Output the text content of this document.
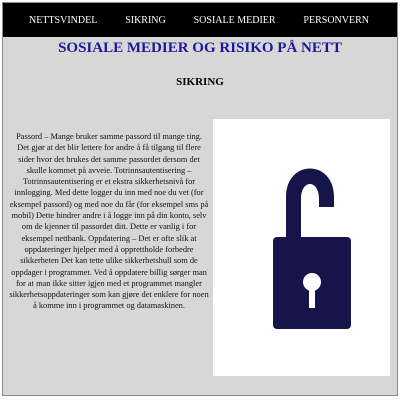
NETTSVINDEL	SIKRING	SOSIALE MEDIER	PERSONVERN
SOSIALE MEDIER OG RISIKO PÅ NETT
SIKRING

Passord – Mange bruker samme passord til mange ting. Det gjør at det blir lettere for andre å få tilgang til flere sider hvor det brukes det samme passordet dersom det skulle kommet på avveie. Totrinnsautentisering – Totrinnsautentisering er et ekstra sikkerhetsnivå for innlogging. Med dette logger du inn med noe du vet (for eksempel passord) og med noe du får (for eksempel sms på mobil) Dette hindrer andre i å logge inn på din konto, selv om de kjenner til passordet ditt. Dette er vanlig i for eksempel nettbank. Oppdatering – Det er ofte slik at oppdateringer hjelper med å opprettholde forbedre sikkerheten Det kan tette ulike sikkerhetshull som de oppdager i programmet. Ved å oppdatere billig sørger man for at man ikke sitter igjen med et programmet mangler sikkerhetsoppdateringer som kan gjøre det enklere for noen å komme inn i programmet og datamaskinen.
